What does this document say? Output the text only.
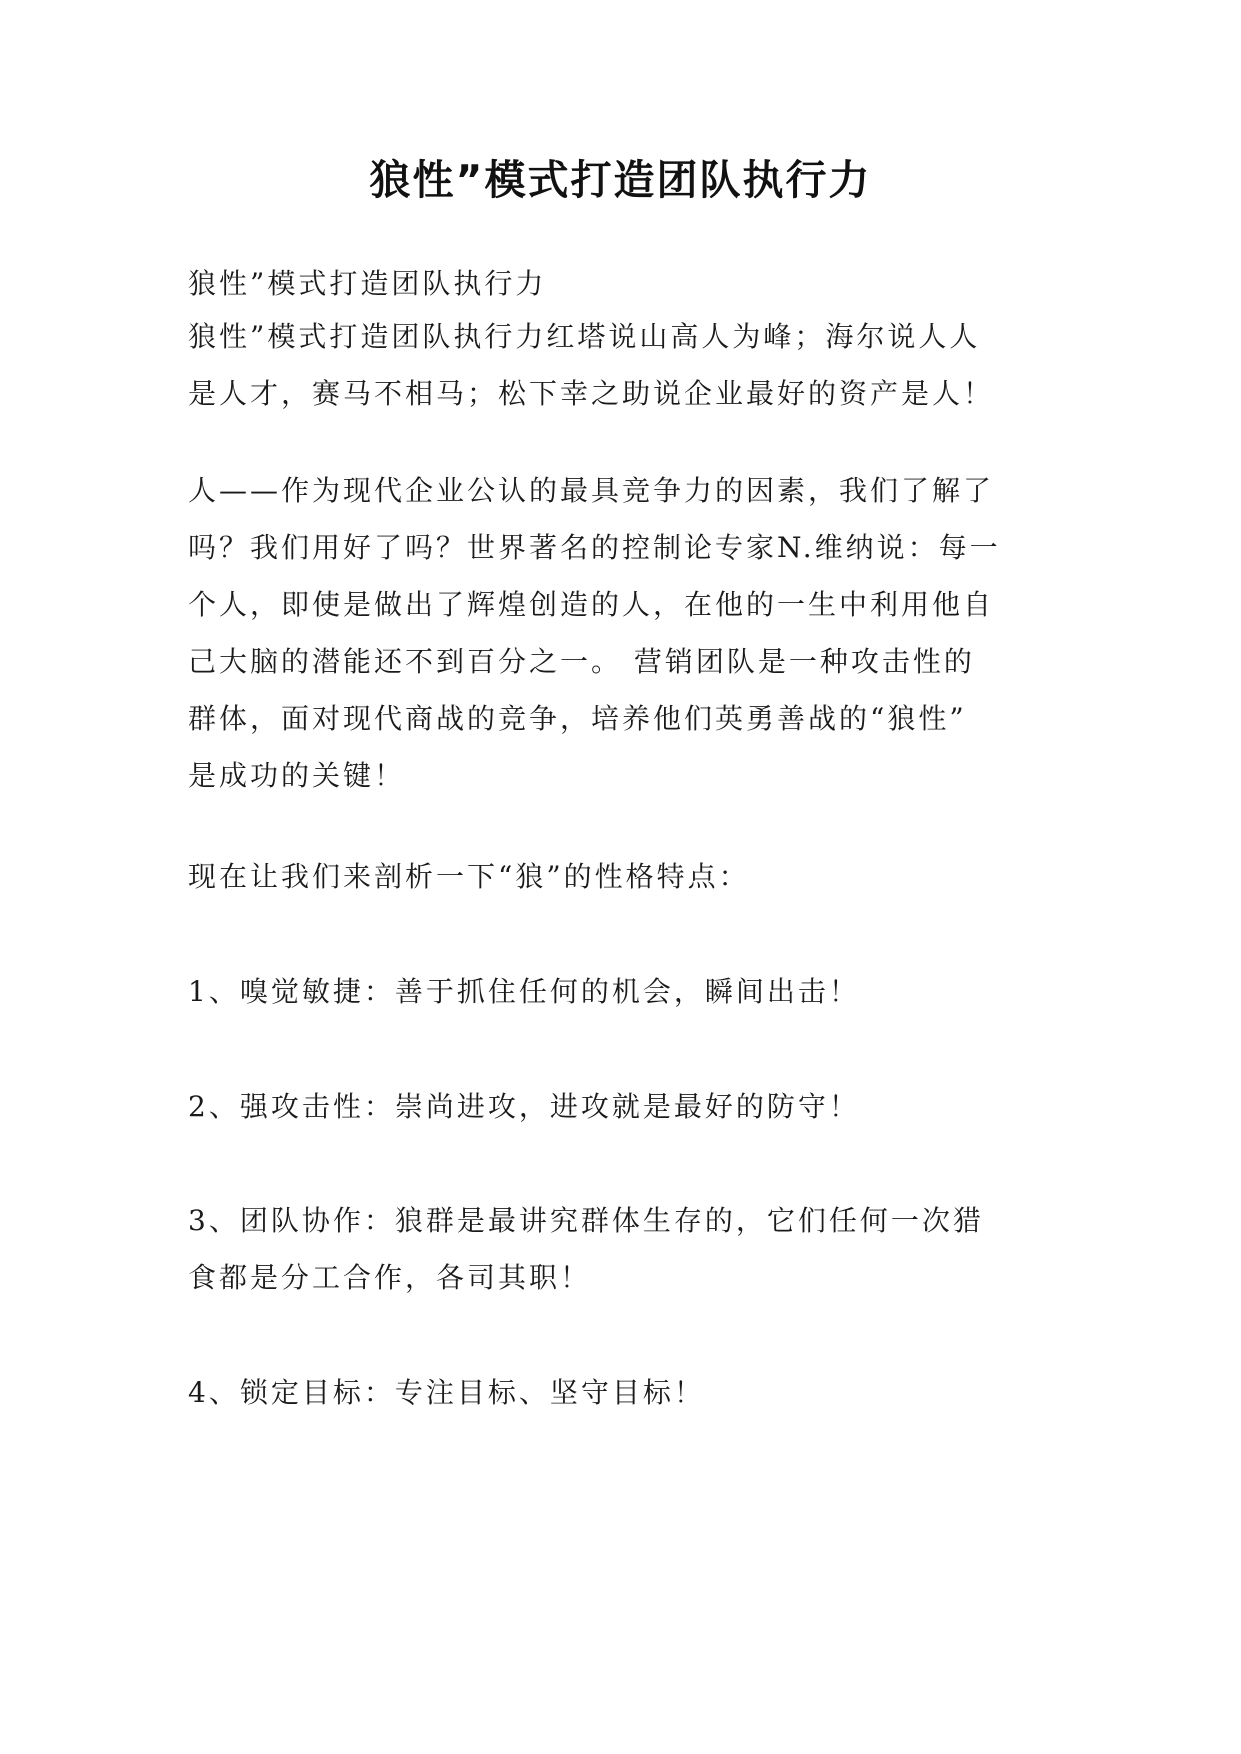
狼性”模式打造团队执行力

狼性”模式打造团队执行力

狼性”模式打造团队执行力红塔说山高人为峰；海尔说人人
是人才，赛马不相马；松下幸之助说企业最好的资产是人！

人——作为现代企业公认的最具竞争力的因素，我们了解了
吗？我们用好了吗？世界著名的控制论专家N.维纳说：每一
个人，即使是做出了辉煌创造的人，在他的一生中利用他自
己大脑的潜能还不到百分之一。 营销团队是一种攻击性的
群体，面对现代商战的竞争，培养他们英勇善战的“狼性”
是成功的关键！

现在让我们来剖析一下“狼”的性格特点：

1、嗅觉敏捷：善于抓住任何的机会，瞬间出击！

2、强攻击性：崇尚进攻，进攻就是最好的防守！

3、团队协作：狼群是最讲究群体生存的，它们任何一次猎
食都是分工合作，各司其职！

4、锁定目标：专注目标、坚守目标！
